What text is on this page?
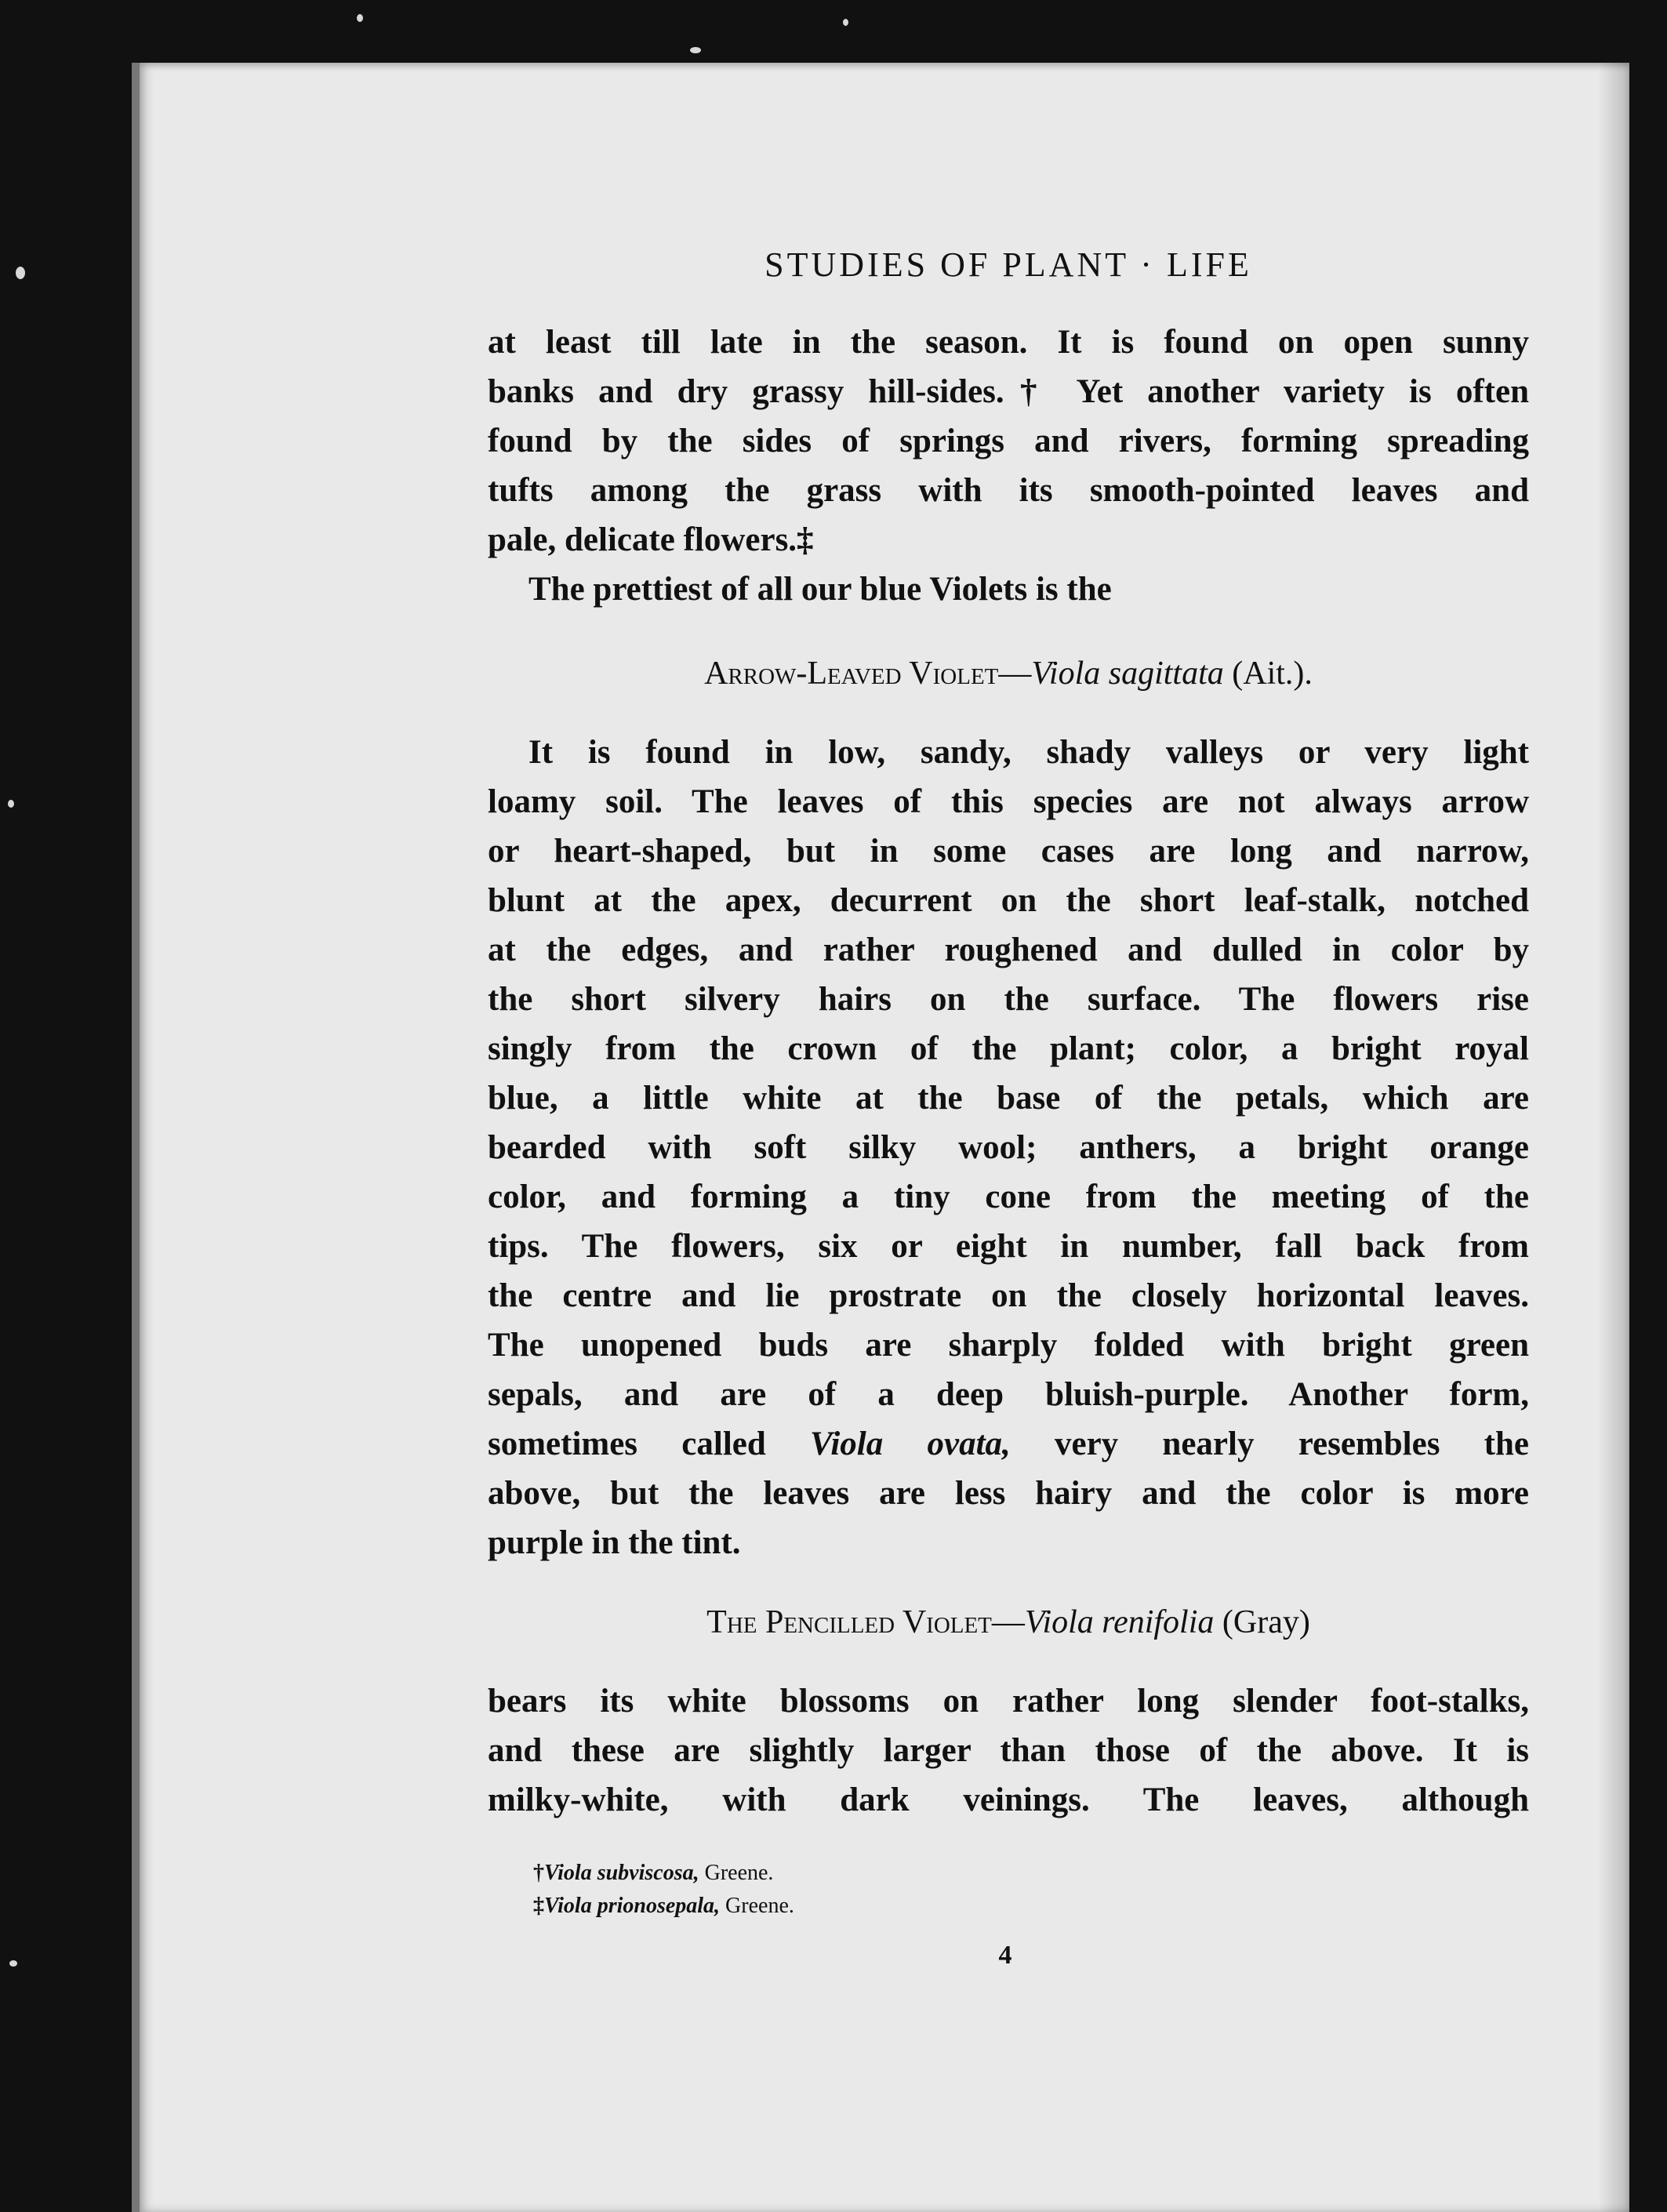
STUDIES OF PLANT · LIFE
at least till late in the season. It is found on open sunny
banks and dry grassy hill-sides.† Yet another variety is often
found by the sides of springs and rivers, forming spreading
tufts among the grass with its smooth-pointed leaves and
pale, delicate flowers.‡
The prettiest of all our blue Violets is the
Arrow-Leaved Violet—Viola sagittata (Ait.).
It is found in low, sandy, shady valleys or very light
loamy soil. The leaves of this species are not always arrow
or heart-shaped, but in some cases are long and narrow,
blunt at the apex, decurrent on the short leaf-stalk, notched
at the edges, and rather roughened and dulled in color by
the short silvery hairs on the surface. The flowers rise
singly from the crown of the plant; color, a bright royal
blue, a little white at the base of the petals, which are
bearded with soft silky wool; anthers, a bright orange
color, and forming a tiny cone from the meeting of the
tips. The flowers, six or eight in number, fall back from
the centre and lie prostrate on the closely horizontal leaves.
The unopened buds are sharply folded with bright green
sepals, and are of a deep bluish-purple. Another form,
sometimes called Viola ovata, very nearly resembles the
above, but the leaves are less hairy and the color is more
purple in the tint.
The Pencilled Violet—Viola renifolia (Gray)
bears its white blossoms on rather long slender foot-stalks,
and these are slightly larger than those of the above. It is
milky-white, with dark veinings. The leaves, although
†Viola subviscosa, Greene.
‡Viola prionosepala, Greene.
4
